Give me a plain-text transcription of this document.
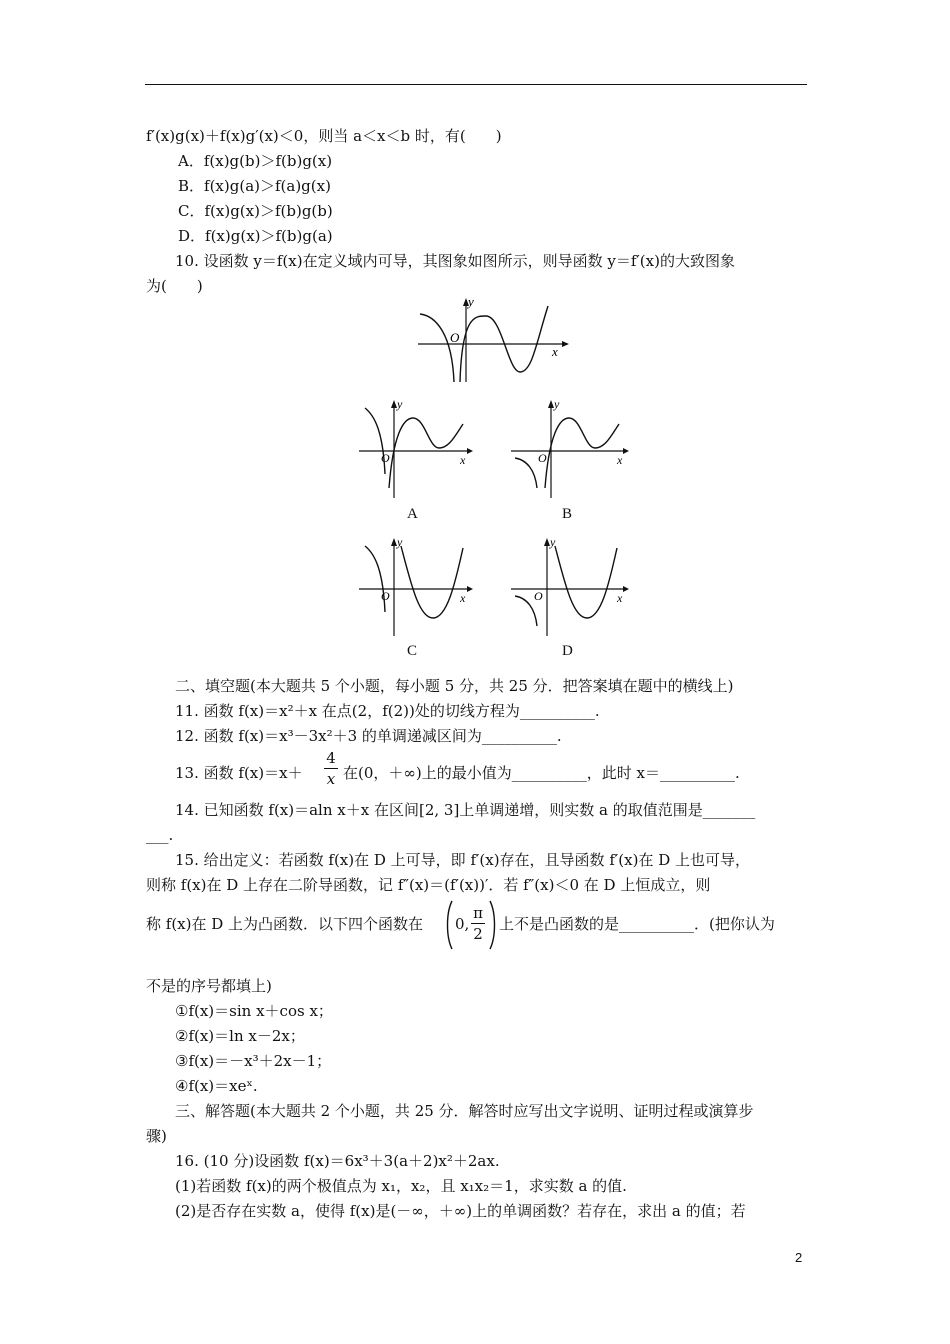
f′(x)g(x)＋f(x)g′(x)＜0，则当 a＜x＜b 时，有(　　)
A．f(x)g(b)＞f(b)g(x)
B．f(x)g(a)＞f(a)g(x)
C．f(x)g(x)＞f(b)g(b)
D．f(x)g(x)＞f(b)g(a)
10. 设函数 y＝f(x)在定义域内可导，其图象如图所示，则导函数 y＝f′(x)的大致图象
为(　　)
y
x
O
y
x
O
A
y
x
O
B
y
x
O
C
y
x
O
D
二、填空题(本大题共 5 个小题，每小题 5 分，共 25 分．把答案填在题中的横线上)
11. 函数 f(x)＝x²＋x 在点(2，f(2))处的切线方程为__________.
12. 函数 f(x)＝x³－3x²＋3 的单调递减区间为__________.
13. 函数 f(x)＝x＋
4
x 在(0，＋∞)上的最小值为__________，此时 x＝__________.
14. 已知函数 f(x)＝aln x＋x 在区间[2, 3]上单调递增，则实数 a 的取值范围是_______
___.
15. 给出定义：若函数 f(x)在 D 上可导，即 f′(x)存在，且导函数 f′(x)在 D 上也可导，
则称 f(x)在 D 上存在二阶导函数，记 f″(x)＝(f′(x))′．若 f″(x)＜0 在 D 上恒成立，则
称 f(x)在 D 上为凸函数．以下四个函数在 0,
π
2
上不是凸函数的是__________．(把你认为
不是的序号都填上)
①f(x)＝sin x＋cos x；
②f(x)＝ln x－2x；
③f(x)＝－x³＋2x－1；
④f(x)＝xeˣ.
三、解答题(本大题共 2 个小题，共 25 分．解答时应写出文字说明、证明过程或演算步
骤)
16. (10 分)设函数 f(x)＝6x³＋3(a＋2)x²＋2ax.
(1)若函数 f(x)的两个极值点为 x₁，x₂，且 x₁x₂＝1，求实数 a 的值.
(2)是否存在实数 a，使得 f(x)是(－∞，＋∞)上的单调函数？若存在，求出 a 的值；若
2
